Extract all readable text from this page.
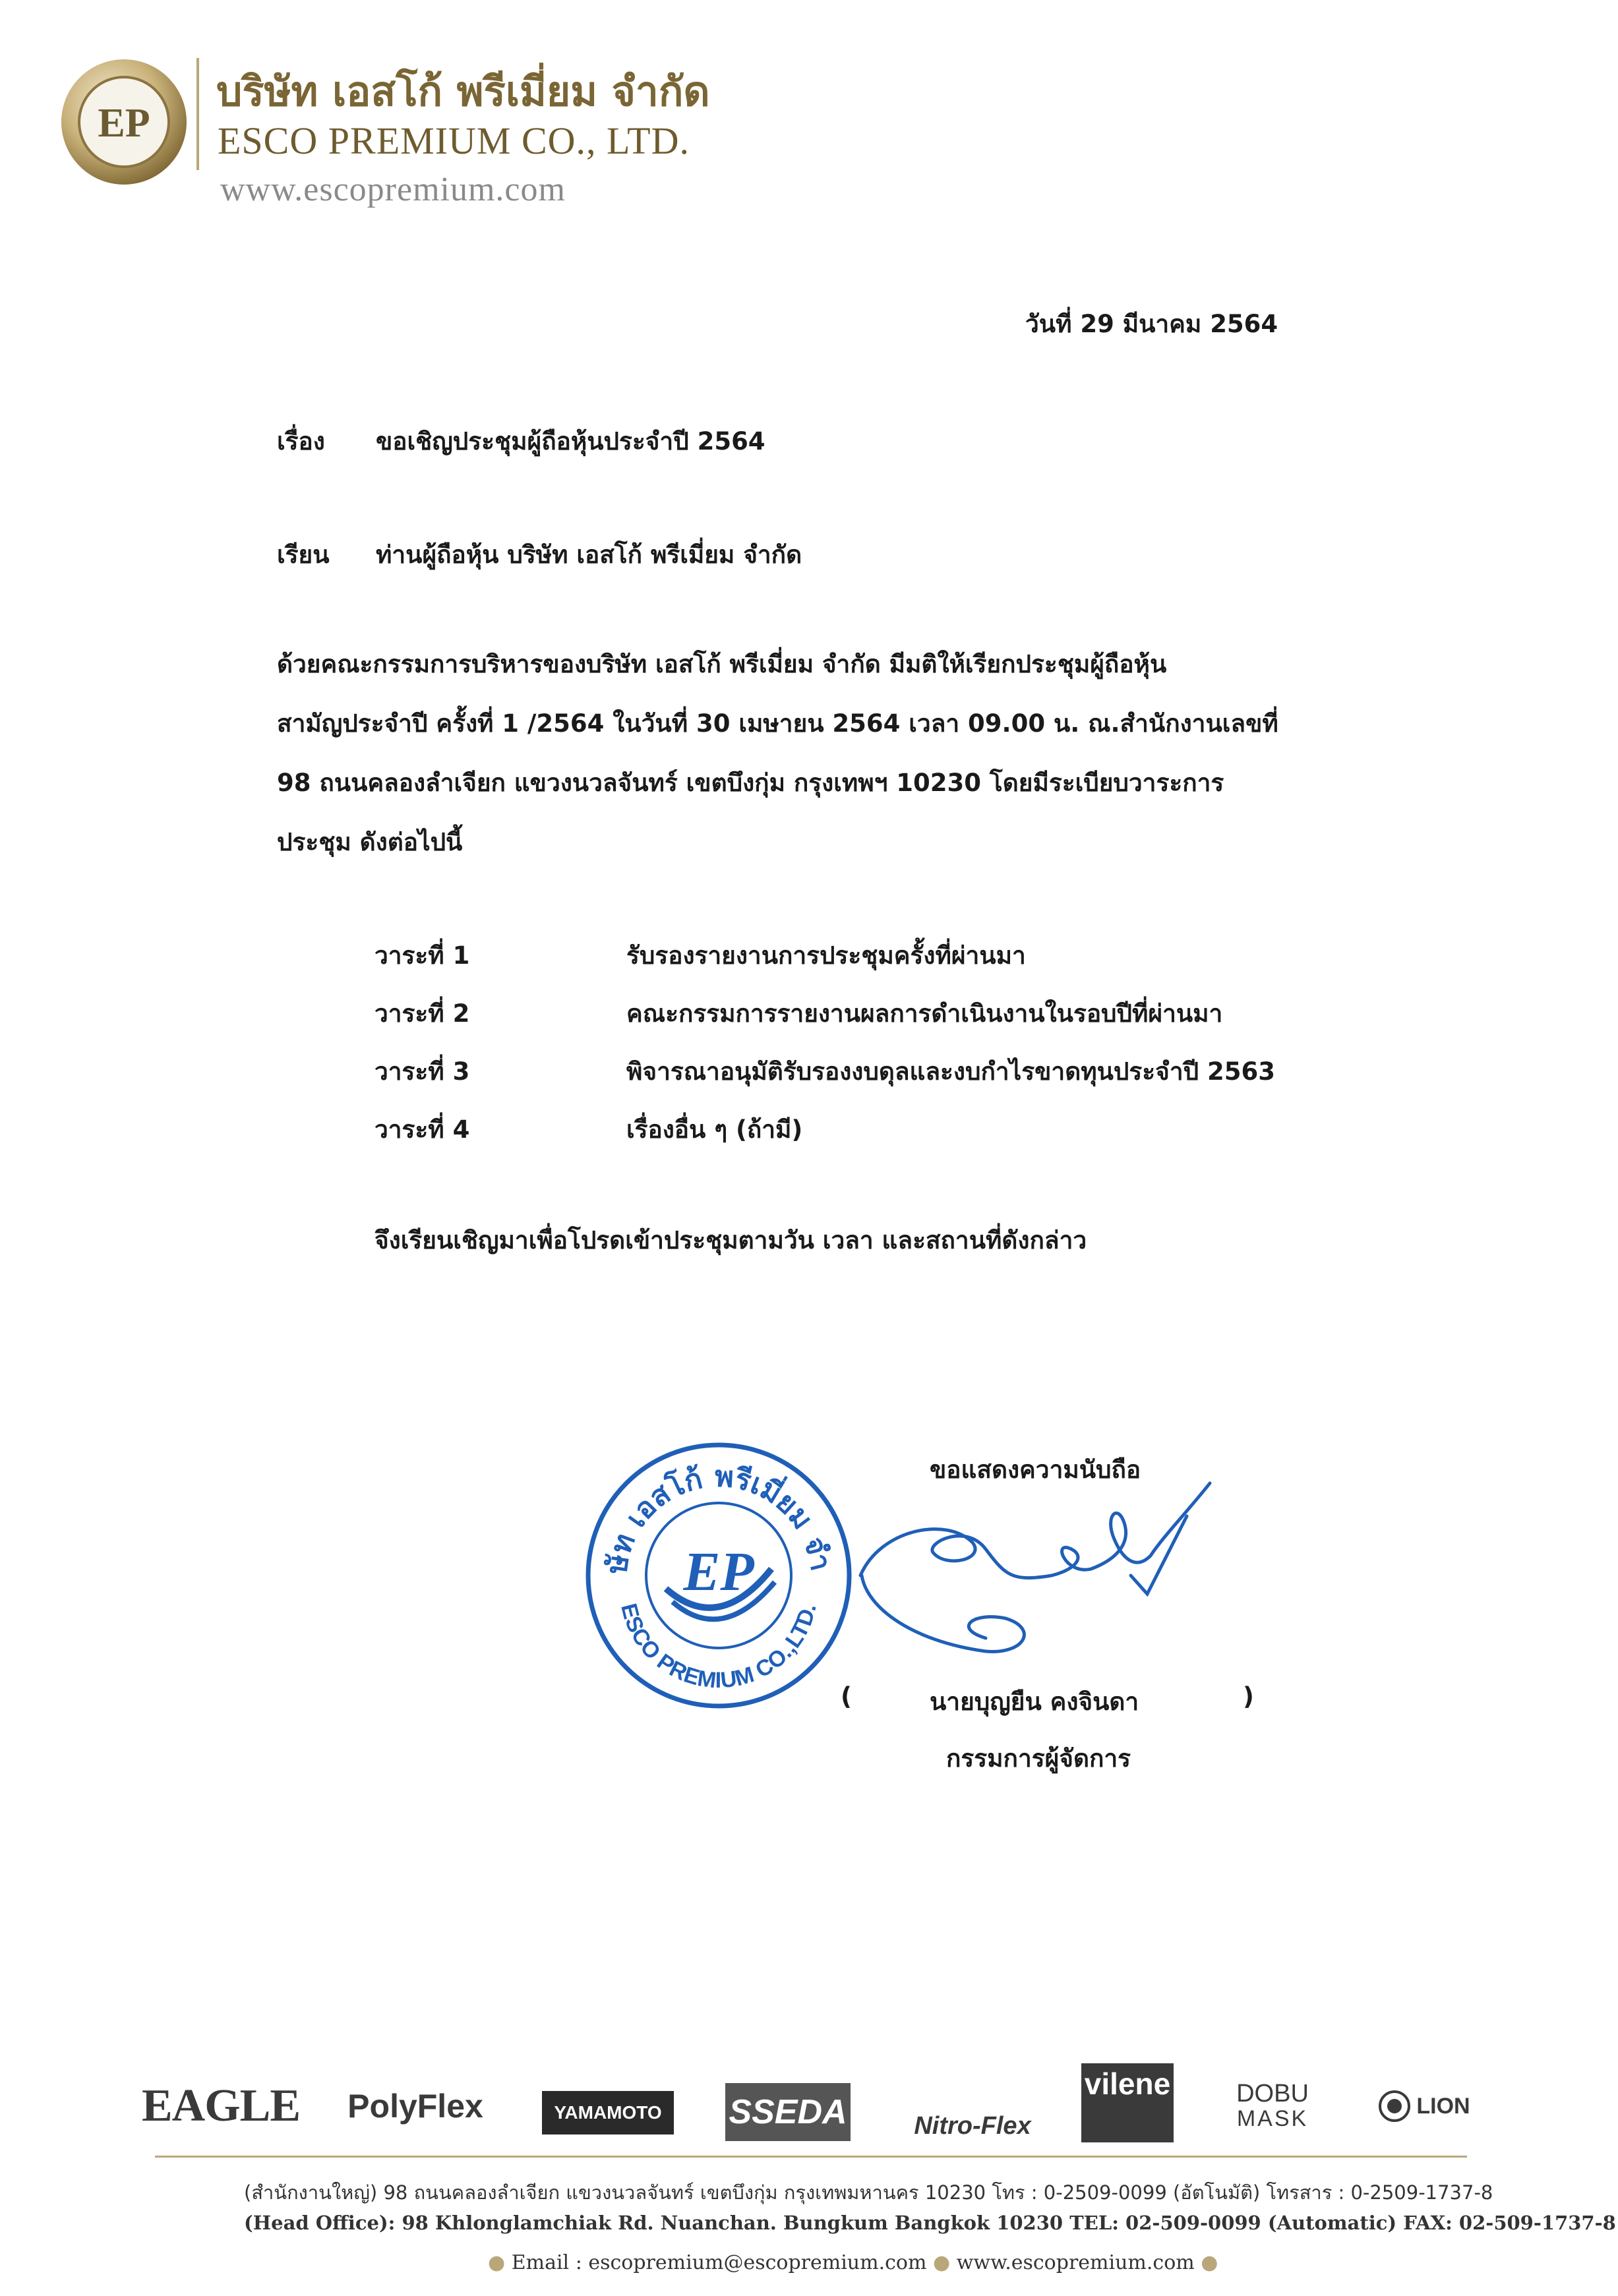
EP
บริษัท เอสโก้ พรีเมี่ยม จำกัด
ESCO PREMIUM CO., LTD.
www.escopremium.com
วันที่ 29 มีนาคม 2564
เรื่อง ขอเชิญประชุมผู้ถือหุ้นประจำปี 2564
เรียน ท่านผู้ถือหุ้น บริษัท เอสโก้ พรีเมี่ยม จำกัด
ด้วยคณะกรรมการบริหารของบริษัท เอสโก้ พรีเมี่ยม จำกัด มีมติให้เรียกประชุมผู้ถือหุ้น
สามัญประจำปี ครั้งที่ 1 /2564 ในวันที่ 30 เมษายน 2564 เวลา 09.00 น. ณ.สำนักงานเลขที่
98 ถนนคลองลำเจียก แขวงนวลจันทร์ เขตบึงกุ่ม กรุงเทพฯ 10230 โดยมีระเบียบวาระการ
ประชุม ดังต่อไปนี้
วาระที่ 1	รับรองรายงานการประชุมครั้งที่ผ่านมา
วาระที่ 2	คณะกรรมการรายงานผลการดำเนินงานในรอบปีที่ผ่านมา
วาระที่ 3	พิจารณาอนุมัติรับรองงบดุลและงบกำไรขาดทุนประจำปี 2563
วาระที่ 4	เรื่องอื่น ๆ (ถ้ามี)
จึงเรียนเชิญมาเพื่อโปรดเข้าประชุมตามวัน เวลา และสถานที่ดังกล่าว
EP
ษัท เอสโก้ พรีเมี่ยม จำ
ESCO PREMIUM CO.,LTD.
ขอแสดงความนับถือ
(	นายบุญยืน คงจินดา	)
กรรมการผู้จัดการ
EAGLE PolyFlex	YAMAMOTO	SSEDA	Nitro-Flex
vilene	DOBU
MASK
LION
(สำนักงานใหญ่) 98 ถนนคลองลำเจียก แขวงนวลจันทร์ เขตบึงกุ่ม กรุงเทพมหานคร 10230 โทร : 0-2509-0099 (อัตโนมัติ) โทรสาร : 0-2509-1737-8
(Head Office): 98 Khlonglamchiak Rd. Nuanchan. Bungkum Bangkok 10230 TEL: 02-509-0099 (Automatic) FAX: 02-509-1737-8
● Email : escopremium@escopremium.com ● www.escopremium.com ●
